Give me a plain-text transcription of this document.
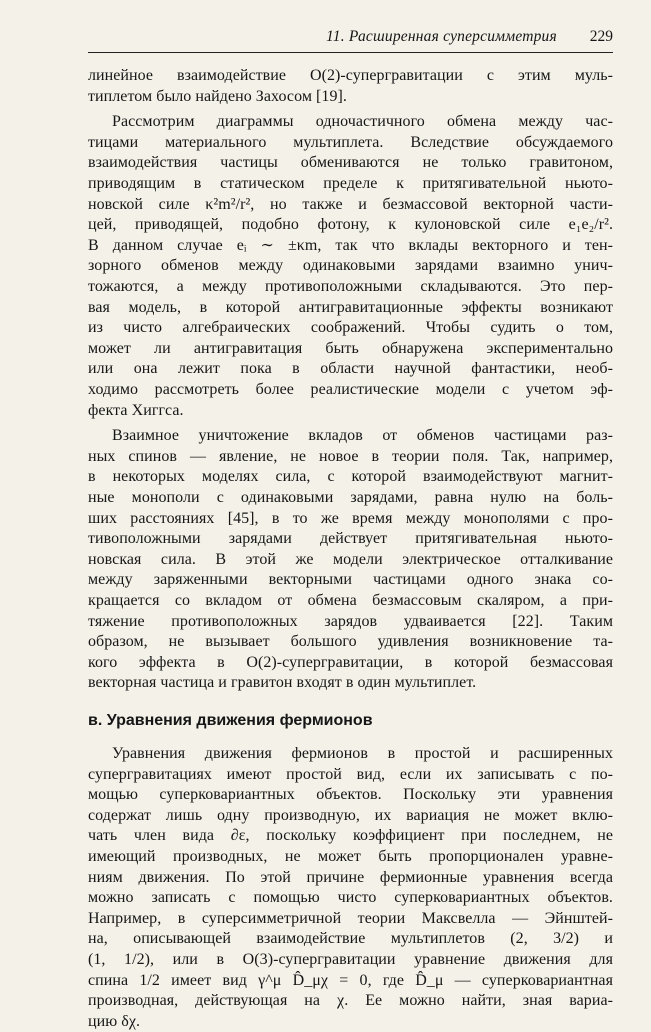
11. Расширенная суперсимметрия 229
линейное взаимодействие O(2)-супергравитации с этим муль-
типлетом было найдено Захосом [19].
Рассмотрим диаграммы одночастичного обмена между час-
тицами материального мультиплета. Вследствие обсуждаемого
взаимодействия частицы обмениваются не только гравитоном,
приводящим в статическом пределе к притягивательной ньюто-
новской силе κ²m²/r², но также и безмассовой векторной части-
цей, приводящей, подобно фотону, к кулоновской силе e₁e₂/r².
В данном случае eᵢ ∼ ±κm, так что вклады векторного и тен-
зорного обменов между одинаковыми зарядами взаимно унич-
тожаются, а между противоположными складываются. Это пер-
вая модель, в которой антигравитационные эффекты возникают
из чисто алгебраических соображений. Чтобы судить о том,
может ли антигравитация быть обнаружена экспериментально
или она лежит пока в области научной фантастики, необ-
ходимо рассмотреть более реалистические модели с учетом эф-
фекта Хиггса.
Взаимное уничтожение вкладов от обменов частицами раз-
ных спинов — явление, не новое в теории поля. Так, например,
в некоторых моделях сила, с которой взаимодействуют магнит-
ные монополи с одинаковыми зарядами, равна нулю на боль-
ших расстояниях [45], в то же время между монополями с про-
тивоположными зарядами действует притягивательная ньюто-
новская сила. В этой же модели электрическое отталкивание
между заряженными векторными частицами одного знака со-
кращается со вкладом от обмена безмассовым скаляром, а при-
тяжение противоположных зарядов удваивается [22]. Таким
образом, не вызывает большого удивления возникновение та-
кого эффекта в O(2)-супергравитации, в которой безмассовая
векторная частица и гравитон входят в один мультиплет.
в. Уравнения движения фермионов
Уравнения движения фермионов в простой и расширенных
супергравитациях имеют простой вид, если их записывать с по-
мощью суперковариантных объектов. Поскольку эти уравнения
содержат лишь одну производную, их вариация не может вклю-
чать член вида ∂ε, поскольку коэффициент при последнем, не
имеющий производных, не может быть пропорционален уравне-
ниям движения. По этой причине фермионные уравнения всегда
можно записать с помощью чисто суперковариантных объектов.
Например, в суперсимметричной теории Максвелла — Эйнштей-
на, описывающей взаимодействие мультиплетов (2, 3/2) и
(1, 1/2), или в O(3)-супергравитации уравнение движения для
спина 1/2 имеет вид γ^μ D̂_μχ = 0, где D̂_μ — суперковариантная
производная, действующая на χ. Ее можно найти, зная вариа-
цию δχ.
